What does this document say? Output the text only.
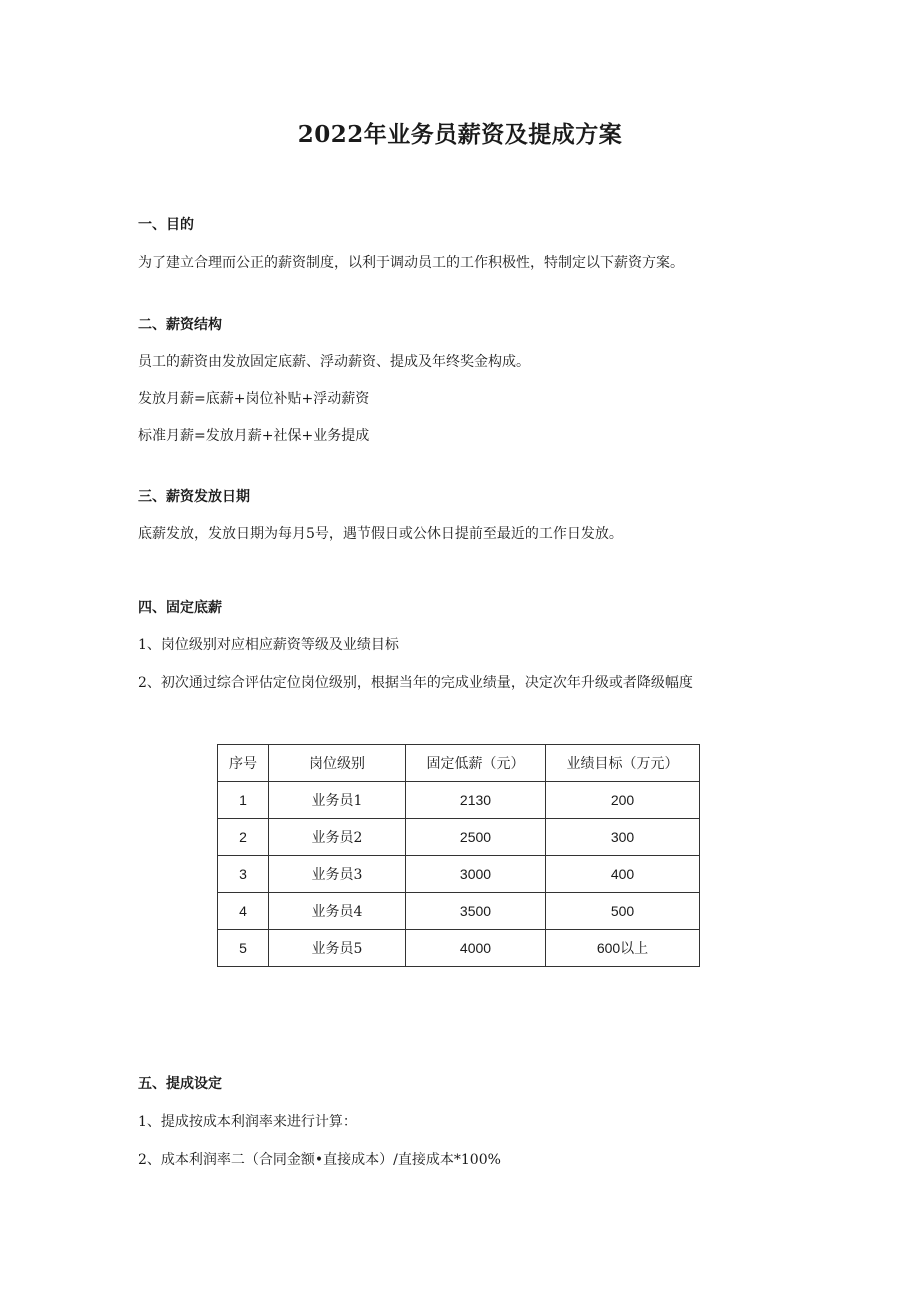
2022年业务员薪资及提成方案
一、目的
为了建立合理而公正的薪资制度，以利于调动员工的工作积极性，特制定以下薪资方案。
二、薪资结构
员工的薪资由发放固定底薪、浮动薪资、提成及年终奖金构成。
发放月薪=底薪+岗位补贴+浮动薪资
标准月薪=发放月薪+社保+业务提成
三、薪资发放日期
底薪发放，发放日期为每月5号，遇节假日或公休日提前至最近的工作日发放。
四、固定底薪
1、岗位级别对应相应薪资等级及业绩目标
2、初次通过综合评估定位岗位级别，根据当年的完成业绩量，决定次年升级或者降级幅度
序号	岗位级别	固定低薪（元）	业绩目标（万元）
1	业务员1	2130	200
2	业务员2	2500	300
3	业务员3	3000	400
4	业务员4	3500	500
5	业务员5	4000	600以上
五、提成设定
1、提成按成本利润率来进行计算：
2、成本利润率二（合同金额•直接成本）/直接成本*100%
